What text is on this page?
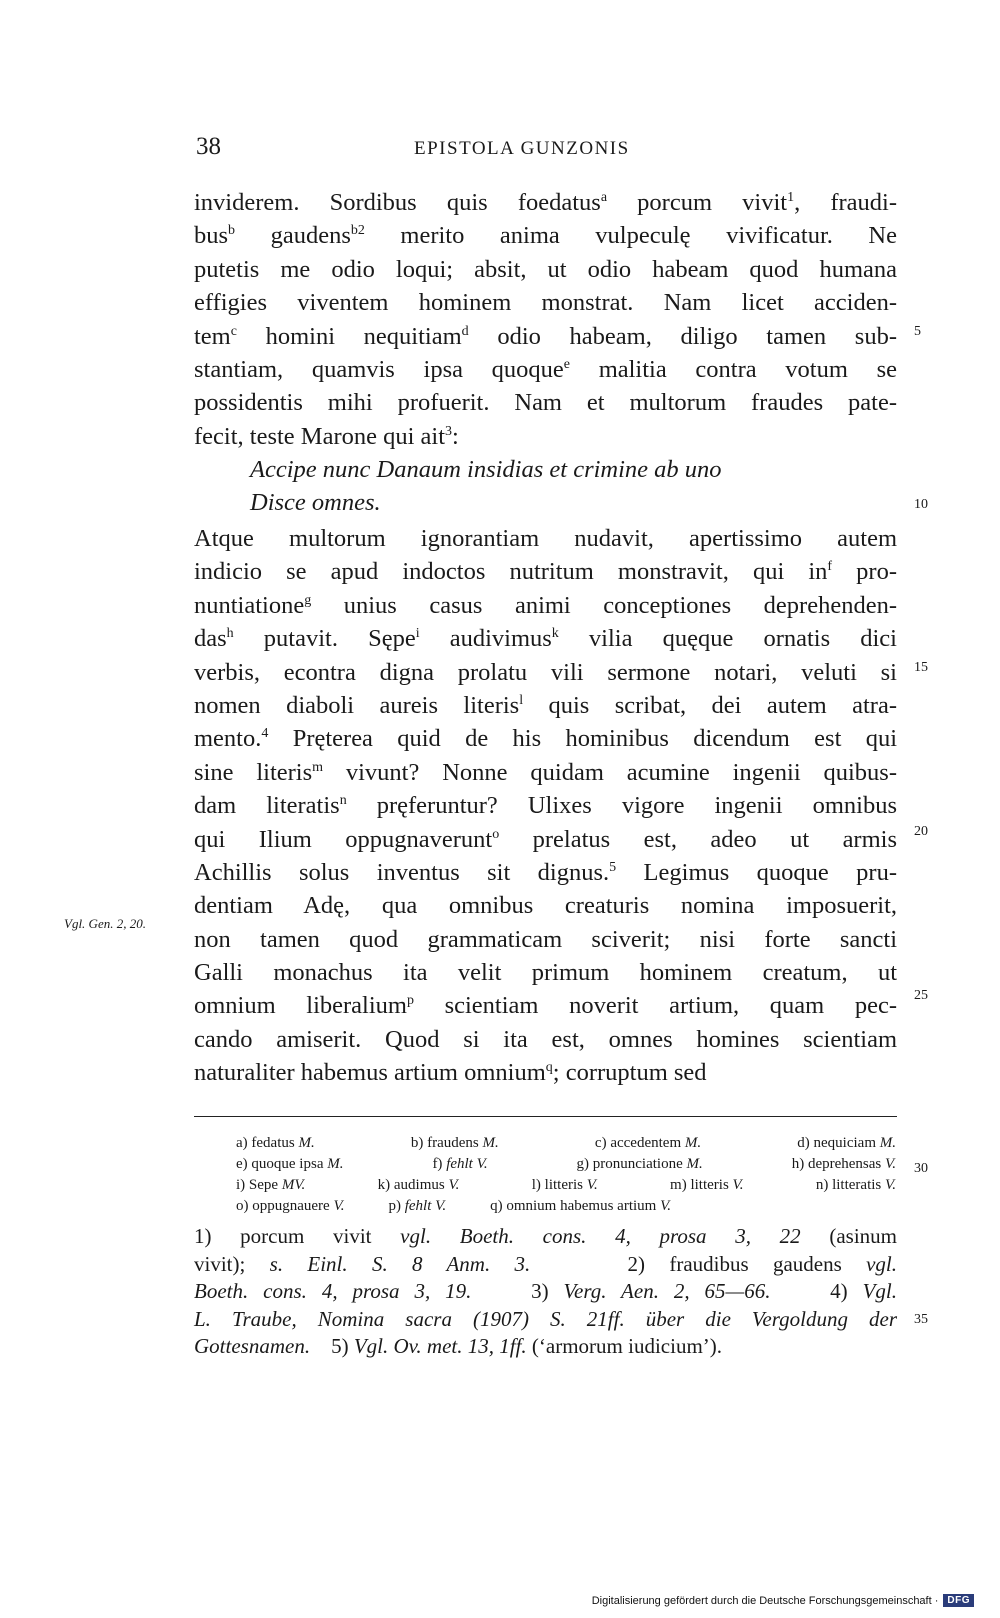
38	EPISTOLA GUNZONIS
inviderem. Sordibus quis foedatus$^a$ porcum vivit$^1$, fraudi-
bus$^b$ gaudens$^{b2}$ merito anima vulpeculę vivificatur. Ne
putetis me odio loqui; absit, ut odio habeam quod humana
effigies viventem hominem monstrat. Nam licet acciden-
tem$^c$ homini nequitiam$^d$ odio habeam, diligo tamen sub-
stantiam, quamvis ipsa quoque$^e$ malitia contra votum se
possidentis mihi profuerit. Nam et multorum fraudes pate-
fecit, teste Marone qui ait$^3$:
Accipe nunc Danaum insidias et crimine ab uno
Disce omnes.
Atque multorum ignorantiam nudavit, apertissimo autem
indicio se apud indoctos nutritum monstravit, qui $in^f$ pro-
nuntiatione$^g$ unius casus animi conceptiones deprehenden-
das$^h$ putavit. Sępe$^i$ audivimus$^k$ vilia quęque ornatis dici
verbis, econtra digna prolatu vili sermone notari, veluti si
nomen diaboli aureis literis$^l$ quis scribat, dei autem atra-
mento.$^4$ Pręterea quid de his hominibus dicendum est qui
sine literis$^m$ vivunt? Nonne quidam acumine ingenii quibus-
dam literatis$^n$ pręferuntur? Ulixes vigore ingenii omnibus
qui Ilium oppugnaverunt$^o$ prelatus est, adeo ut armis
Achillis solus inventus sit dignus.$^5$ Legimus quoque pru-
dentiam Adę, qua omnibus creaturis nomina imposuerit,
non tamen quod grammaticam sciverit; nisi forte sancti
Galli monachus ita velit primum hominem creatum, ut
omnium liberalium$^p$ scientiam noverit artium, quam pec-
cando amiserit. Quod si ita est, omnes homines scientiam
naturaliter habemus artium omnium$^q$; corruptum sed
Vgl. Gen. 2, 20.
5
10
15
20
25
30
35
a) fedatus M.	b) fraudens M.	c) accedentem M.	d) nequiciam M.
e) quoque ipsa M.	f) fehlt V.	g) pronunciatione M.	h) deprehensas V.
i) Sepe MV.	k) audimus V.	l) litteris V.	m) litteris V.	n) litteratis V.
o) oppugnauere V.	p) fehlt V.	q) omnium habemus artium V.
1) porcum vivit vgl. Boeth. cons. 4, prosa 3, 22 (asinum
vivit); s. Einl. S. 8 Anm. 3.    2) fraudibus gaudens vgl.
Boeth. cons. 4, prosa 3, 19.    3) Verg. Aen. 2, 65—66.    4) Vgl.
L. Traube, Nomina sacra (1907) S. 21ff. über die Vergoldung der
Gottesnamen.    5) Vgl. Ov. met. 13, 1ff. (‘armorum iudicium’).
Digitalisierung gefördert durch die Deutsche Forschungsgemeinschaft · DFG
